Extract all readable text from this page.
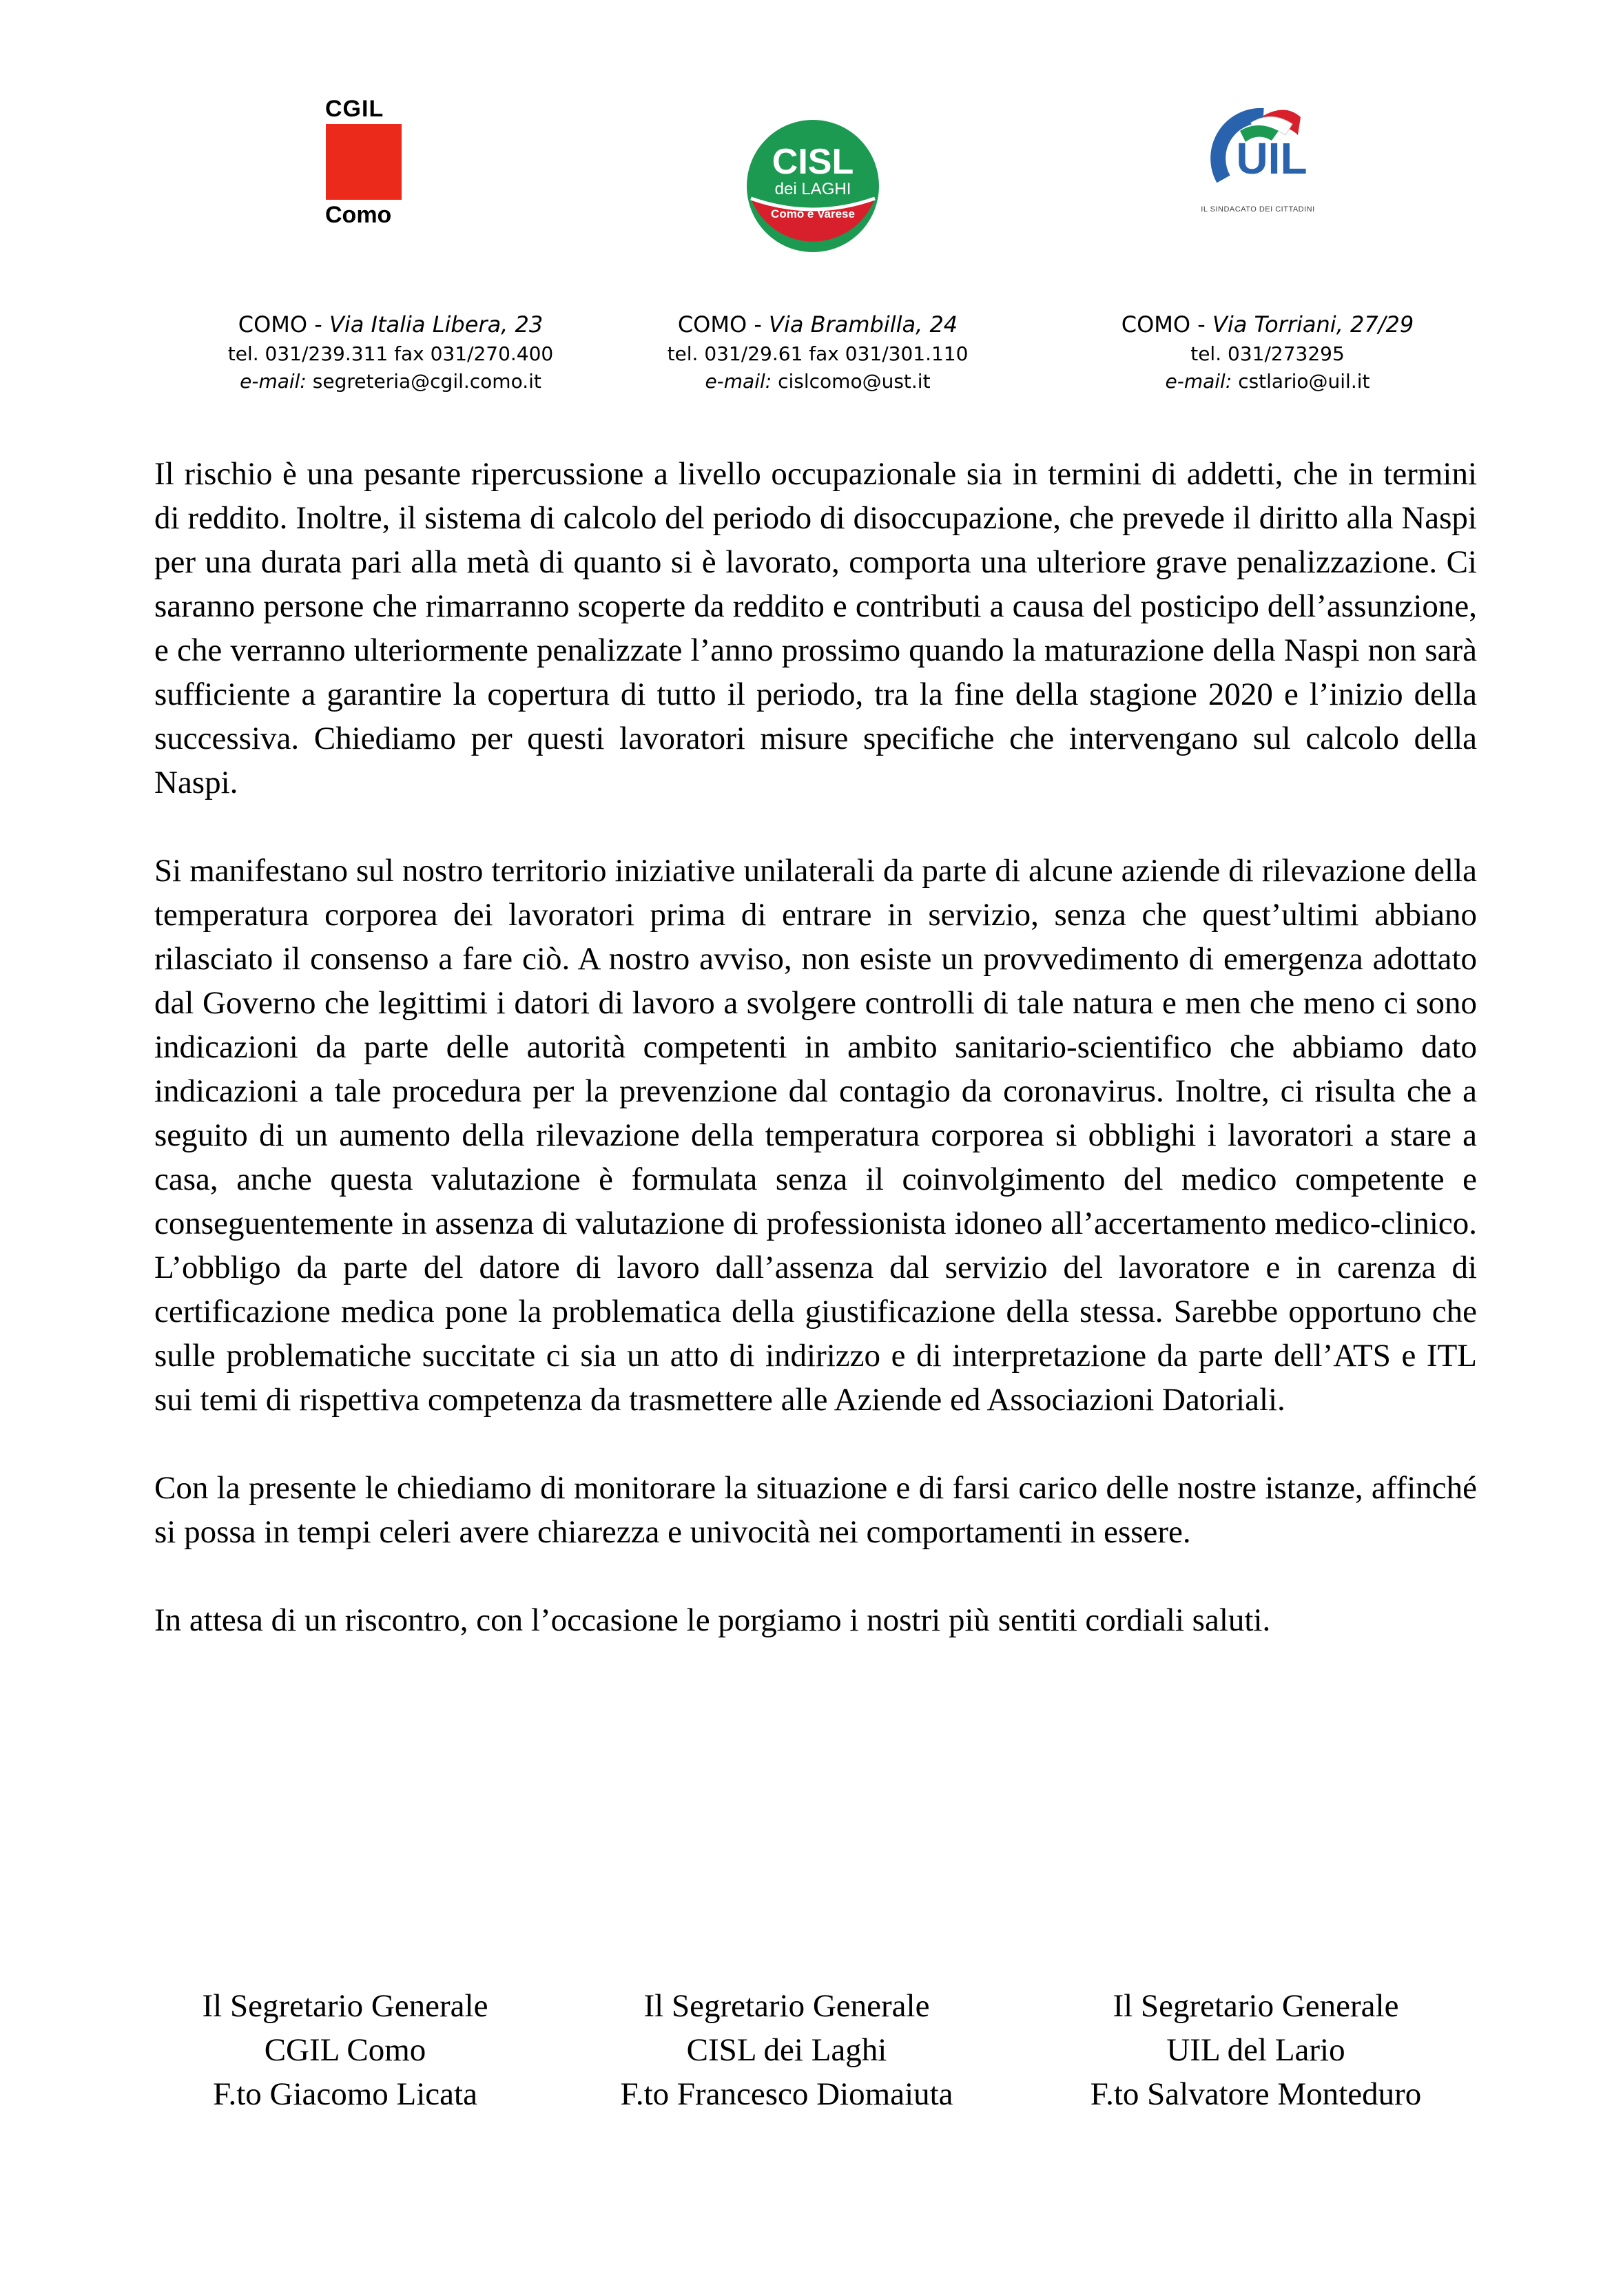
CGIL
Como
CISL
dei LAGHI
Como e Varese
UIL
IL SINDACATO DEI CITTADINI
COMO - Via Italia Libera, 23
tel. 031/239.311 fax 031/270.400
e-mail: segreteria@cgil.como.it
COMO - Via Brambilla, 24
tel. 031/29.61 fax 031/301.110
e-mail: cislcomo@ust.it
COMO - Via Torriani, 27/29
tel. 031/273295
e-mail: cstlario@uil.it

Il rischio è una pesante ripercussione a livello occupazionale sia in termini di addetti, che in termini di reddito. Inoltre, il sistema di calcolo del periodo di disoccupazione, che prevede il diritto alla Naspi per una durata pari alla metà di quanto si è lavorato, comporta una ulteriore grave penalizzazione. Ci saranno persone che rimarranno scoperte da reddito e contributi a causa del posticipo dell’assunzione, e che verranno ulteriormente penalizzate l’anno prossimo quando la maturazione della Naspi non sarà sufficiente a garantire la copertura di tutto il periodo, tra la fine della stagione 2020 e l’inizio della successiva. Chiediamo per questi lavoratori misure specifiche che intervengano sul calcolo della Naspi.

Si manifestano sul nostro territorio iniziative unilaterali da parte di alcune aziende di rilevazione della temperatura corporea dei lavoratori prima di entrare in servizio, senza che quest’ultimi abbiano rilasciato il consenso a fare ciò. A nostro avviso, non esiste un provvedimento di emergenza adottato dal Governo che legittimi i datori di lavoro a svolgere controlli di tale natura e men che meno ci sono indicazioni da parte delle autorità competenti in ambito sanitario-scientifico che abbiamo dato indicazioni a tale procedura per la prevenzione dal contagio da coronavirus. Inoltre, ci risulta che a seguito di un aumento della rilevazione della temperatura corporea si obblighi i lavoratori a stare a casa, anche questa valutazione è formulata senza il coinvolgimento del medico competente e conseguentemente in assenza di valutazione di professionista idoneo all’accertamento medico-clinico. L’obbligo da parte del datore di lavoro dall’assenza dal servizio del lavoratore e in carenza di certificazione medica pone la problematica della giustificazione della stessa. Sarebbe opportuno che sulle problematiche succitate ci sia un atto di indirizzo e di interpretazione da parte dell’ATS e ITL sui temi di rispettiva competenza da trasmettere alle Aziende ed Associazioni Datoriali.

Con la presente le chiediamo di monitorare la situazione e di farsi carico delle nostre istanze, affinché si possa in tempi celeri avere chiarezza e univocità nei comportamenti in essere.

In attesa di un riscontro, con l’occasione le porgiamo i nostri più sentiti cordiali saluti.

Il Segretario Generale
CGIL Como
F.to Giacomo Licata
Il Segretario Generale
CISL dei Laghi
F.to Francesco Diomaiuta
Il Segretario Generale
UIL del Lario
F.to Salvatore Monteduro
